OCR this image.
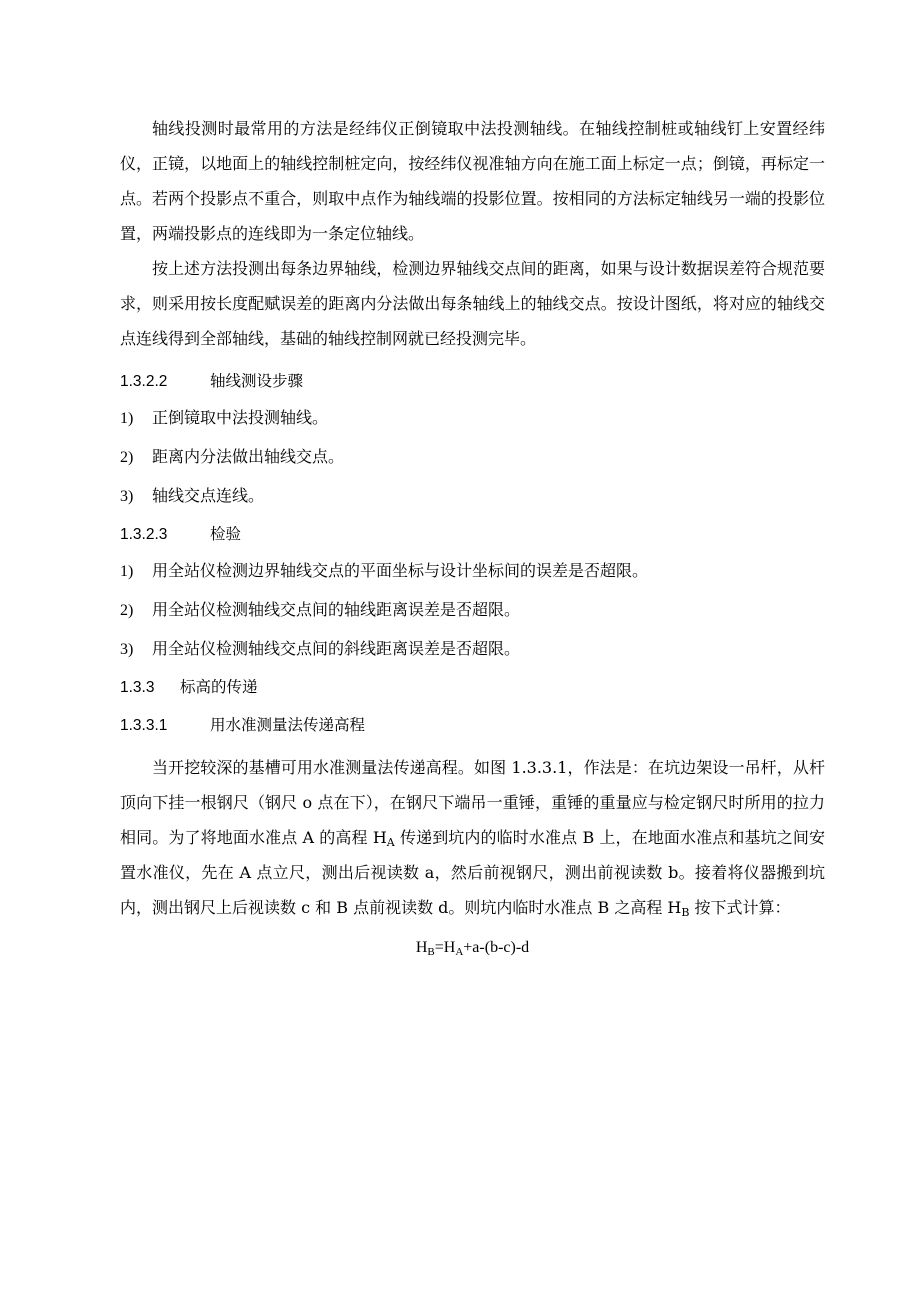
轴线投测时最常用的方法是经纬仪正倒镜取中法投测轴线。在轴线控制桩或轴线钉上安置经纬仪，正镜，以地面上的轴线控制桩定向，按经纬仪视准轴方向在施工面上标定一点；倒镜，再标定一点。若两个投影点不重合，则取中点作为轴线端的投影位置。按相同的方法标定轴线另一端的投影位置，两端投影点的连线即为一条定位轴线。

按上述方法投测出每条边界轴线，检测边界轴线交点间的距离，如果与设计数据误差符合规范要求，则采用按长度配赋误差的距离内分法做出每条轴线上的轴线交点。按设计图纸，将对应的轴线交点连线得到全部轴线，基础的轴线控制网就已经投测完毕。

1.3.2.2	轴线测设步骤
1) 正倒镜取中法投测轴线。
2) 距离内分法做出轴线交点。
3) 轴线交点连线。
1.3.2.3	检验
1) 用全站仪检测边界轴线交点的平面坐标与设计坐标间的误差是否超限。
2) 用全站仪检测轴线交点间的轴线距离误差是否超限。
3) 用全站仪检测轴线交点间的斜线距离误差是否超限。
1.3.3 标高的传递
1.3.3.1	用水准测量法传递高程

当开挖较深的基槽可用水准测量法传递高程。如图 1.3.3.1，作法是：在坑边架设一吊杆，从杆顶向下挂一根钢尺（钢尺 o 点在下），在钢尺下端吊一重锤，重锤的重量应与检定钢尺时所用的拉力相同。为了将地面水准点 A 的高程 $H_A$ 传递到坑内的临时水准点 B 上，在地面水准点和基坑之间安置水准仪，先在 A 点立尺，测出后视读数 a，然后前视钢尺，测出前视读数 b。接着将仪器搬到坑内，测出钢尺上后视读数 c 和 B 点前视读数 d。则坑内临时水准点 B 之高程 $H_B$ 按下式计算：

$H_B=H_A+a-(b-c)-d$
